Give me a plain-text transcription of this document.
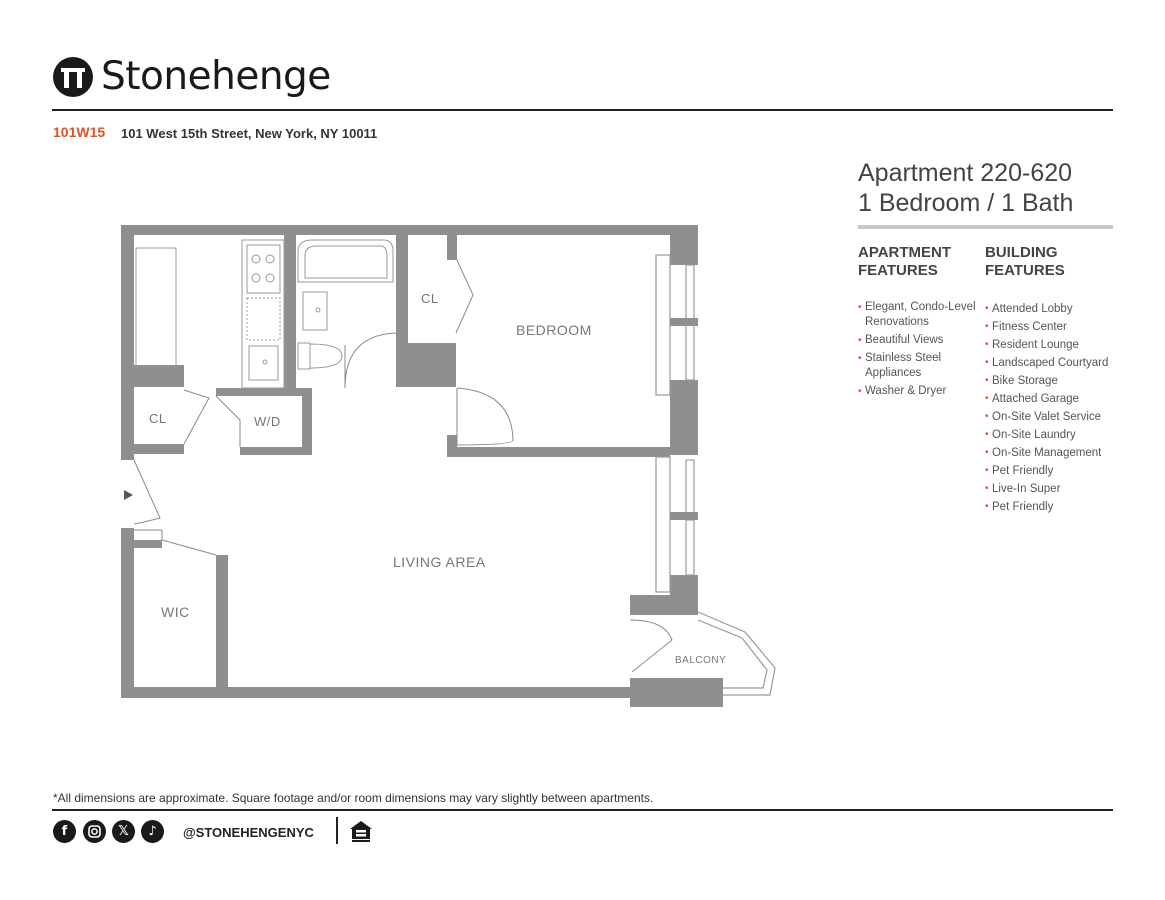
Stonehenge
101W15 101 West 15th Street, New York, NY 10011
Apartment 220-620
1 Bedroom / 1 Bath
APARTMENT FEATURES
BUILDING FEATURES
• Elegant, Condo-Level Renovations
• Beautiful Views
• Stainless Steel Appliances
• Washer & Dryer
• Attended Lobby
• Fitness Center
• Resident Lounge
• Landscaped Courtyard
• Bike Storage
• Attached Garage
• On-Site Valet Service
• On-Site Laundry
• On-Site Management
• Pet Friendly
• Live-In Super
• Pet Friendly
CL
BEDROOM
CL	W/D
LIVING AREA
WIC
BALCONY
*All dimensions are approximate. Square footage and/or room dimensions may vary slightly between apartments.
f	𝕏	♪	@STONEHENGENYC
